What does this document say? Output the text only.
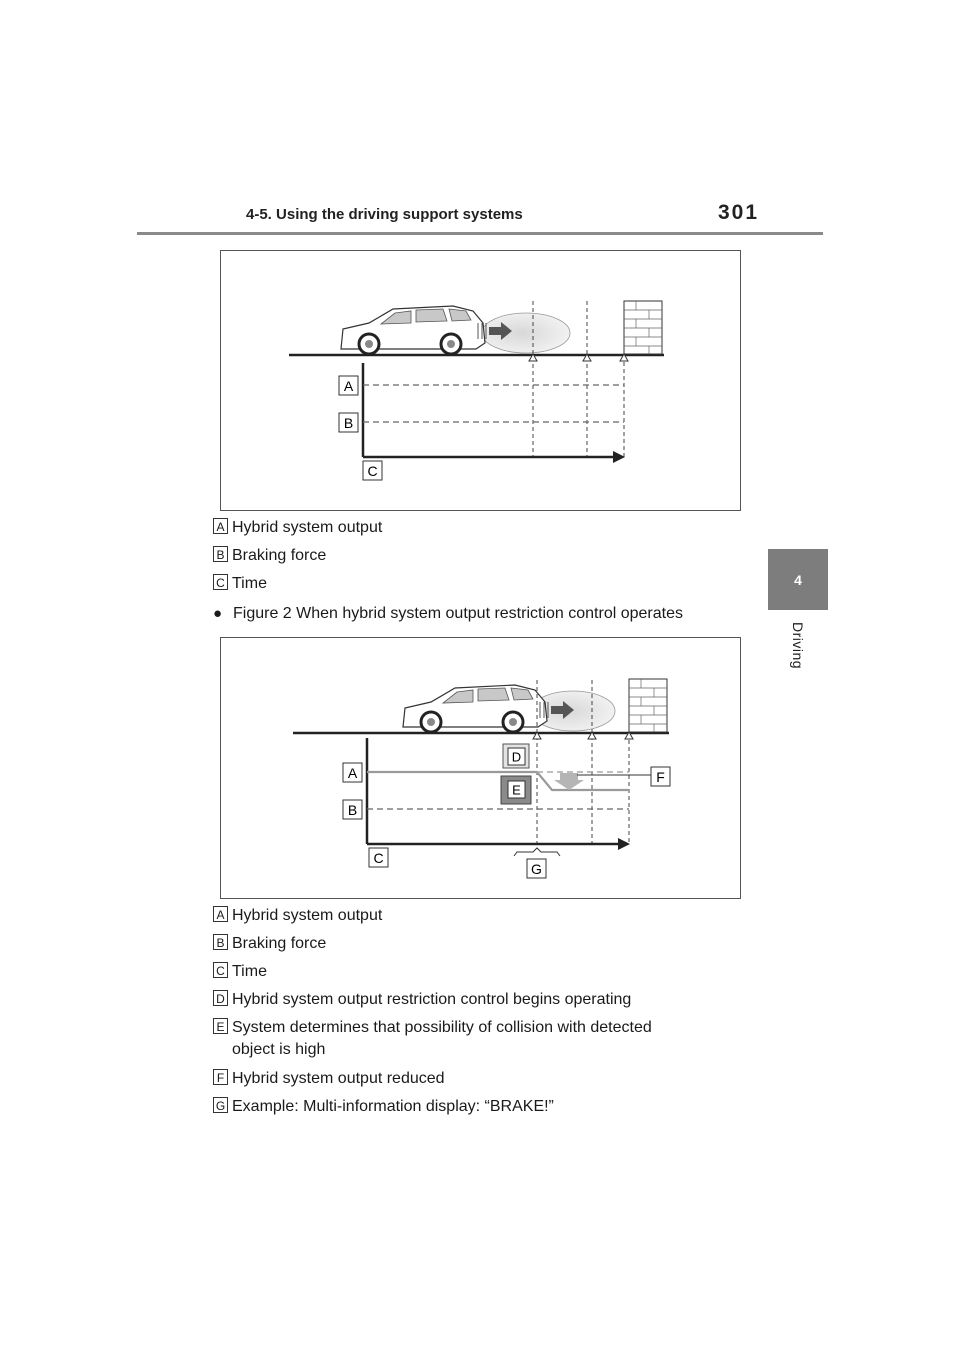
4-5. Using the driving support systems	301
4
Driving
A
B
C
A Hybrid system output
B Braking force
C Time
● Figure 2 When hybrid system output restriction control operates
A
B
C
D
E
F
G
A Hybrid system output
B Braking force
C Time
D Hybrid system output restriction control begins operating
E System determines that possibility of collision with detected
object is high
F Hybrid system output reduced
G Example: Multi-information display: “BRAKE!”
